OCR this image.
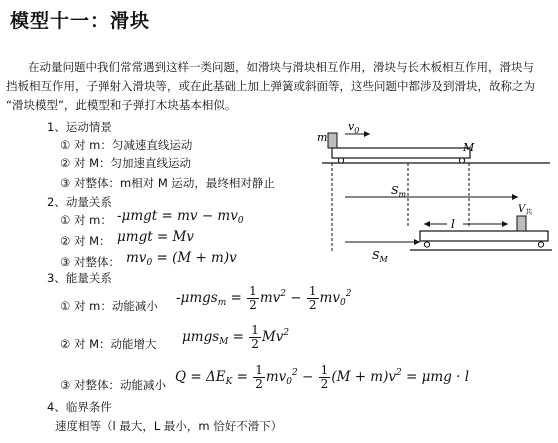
模型十一：滑块
在动量问题中我们常常遇到这样一类问题，如滑块与滑块相互作用，滑块与长木板相互作用，滑块与
挡板相互作用，子弹射入滑块等，或在此基础上加上弹簧或斜面等，这些问题中都涉及到滑块，故称之为
“滑块模型”，此模型和子弹打木块基本相似。
1、运动情景
① 对 m：匀减速直线运动
② 对 M：匀加速直线运动
③ 对整体：m相对 M 运动，最终相对静止
2、动量关系
① 对 m： -μmgt = mv − $mv_0$
② 对 M： μmgt = Mv
③ 对整体： $mv_0 = (M + m)v$
3、能量关系
① 对 m：动能减小 $-\mu mgs_m = \frac{1}{2} mv^2 - \frac{1}{2} mv_0^2$
② 对 M：动能增大 $\mu mgs_M = \frac{1}{2} Mv^2$
③ 对整体：动能减小 $Q = \Delta E_K = \frac{1}{2} mv_0^2 - \frac{1}{2} (M + m)v^2 = \mu mg \cdot l$
4、临界条件
速度相等（l 最大，L 最小，m 恰好不滑下）
m
$v_0$
M
$S_m$
l
$V_共$
$S_M$
